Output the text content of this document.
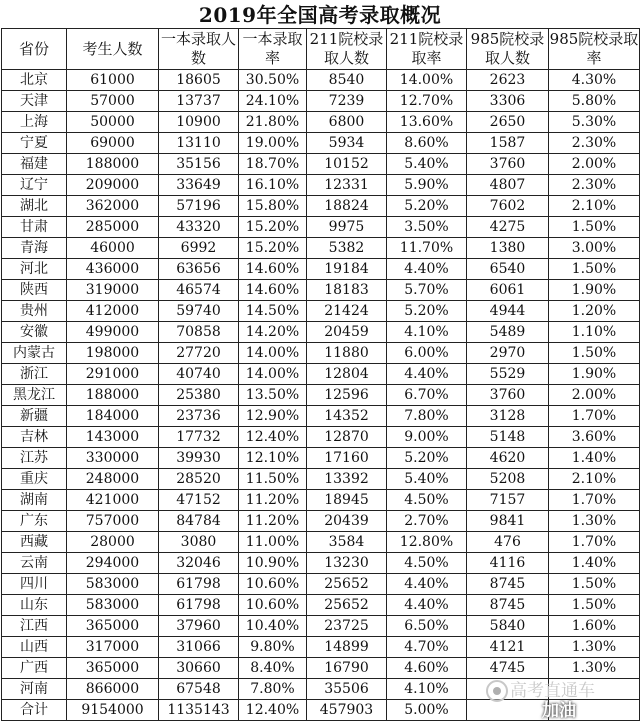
2019年全国高考录取概况
省份	考生人数	一本录取人数	一本录取率	211院校录取人数	211院校录取率	985院校录取人数	985院校录取率
北京	61000	18605	30.50%	8540	14.00%	2623	4.30%
天津	57000	13737	24.10%	7239	12.70%	3306	5.80%
上海	50000	10900	21.80%	6800	13.60%	2650	5.30%
宁夏	69000	13110	19.00%	5934	8.60%	1587	2.30%
福建	188000	35156	18.70%	10152	5.40%	3760	2.00%
辽宁	209000	33649	16.10%	12331	5.90%	4807	2.30%
湖北	362000	57196	15.80%	18824	5.20%	7602	2.10%
甘肃	285000	43320	15.20%	9975	3.50%	4275	1.50%
青海	46000	6992	15.20%	5382	11.70%	1380	3.00%
河北	436000	63656	14.60%	19184	4.40%	6540	1.50%
陕西	319000	46574	14.60%	18183	5.70%	6061	1.90%
贵州	412000	59740	14.50%	21424	5.20%	4944	1.20%
安徽	499000	70858	14.20%	20459	4.10%	5489	1.10%
内蒙古	198000	27720	14.00%	11880	6.00%	2970	1.50%
浙江	291000	40740	14.00%	12804	4.40%	5529	1.90%
黑龙江	188000	25380	13.50%	12596	6.70%	3760	2.00%
新疆	184000	23736	12.90%	14352	7.80%	3128	1.70%
吉林	143000	17732	12.40%	12870	9.00%	5148	3.60%
江苏	330000	39930	12.10%	17160	5.20%	4620	1.40%
重庆	248000	28520	11.50%	13392	5.40%	5208	2.10%
湖南	421000	47152	11.20%	18945	4.50%	7157	1.70%
广东	757000	84784	11.20%	20439	2.70%	9841	1.30%
西藏	28000	3080	11.00%	3584	12.80%	476	1.70%
云南	294000	32046	10.90%	13230	4.50%	4116	1.40%
四川	583000	61798	10.60%	25652	4.40%	8745	1.50%
山东	583000	61798	10.60%	25652	4.40%	8745	1.50%
江西	365000	37960	10.40%	23725	6.50%	5840	1.60%
山西	317000	31066	9.80%	14899	4.70%	4121	1.30%
广西	365000	30660	8.40%	16790	4.60%	4745	1.30%
河南	866000	67548	7.80%	35506	4.10%		
合计	9154000	1135143	12.40%	457903	5.00%		
高考直通车
加油
